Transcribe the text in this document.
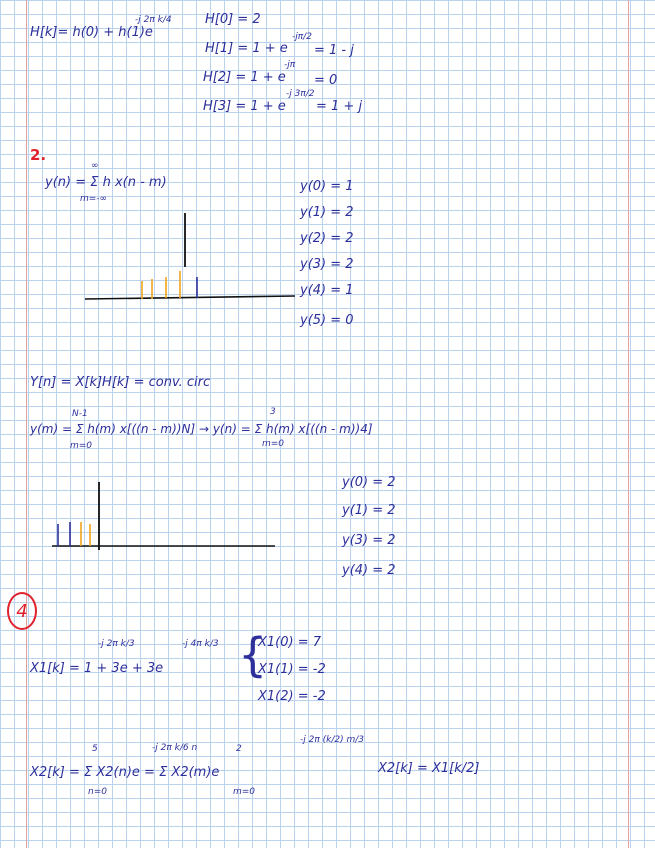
H[k]= h(0) + h(1)e
-j 2π k/4	H[0] = 2
H[1] = 1 + e
-jπ/2
= 1 - j
H[2] = 1 + e
-jπ
= 0
H[3] = 1 + e
-j 3π/2
= 1 + j
2.
∞
y(n) = Σ h x(n - m)
m=-∞
y(0) = 1
y(1) = 2
y(2) = 2
y(3) = 2
y(4) = 1
y(5) = 0
Y[n] = X[k]H[k] = conv. circ
N-1	3
y(m) = Σ h(m) x[((n - m))N] → y(n) = Σ h(m) x[((n - m))4]
m=0	m=0
y(0) = 2
y(1) = 2
y(3) = 2
y(4) = 2
4
-j 2π k/3	-j 4π k/3
X1[k] = 1 + 3e + 3e {
X1(0) = 7
X1(1) = -2
X1(2) = -2
5	2
-j 2π k/6 n
-j 2π (k/2) m/3
X2[k] = Σ X2(n)e = Σ X2(m)e
n=0	m=0
X2[k] = X1[k/2]
